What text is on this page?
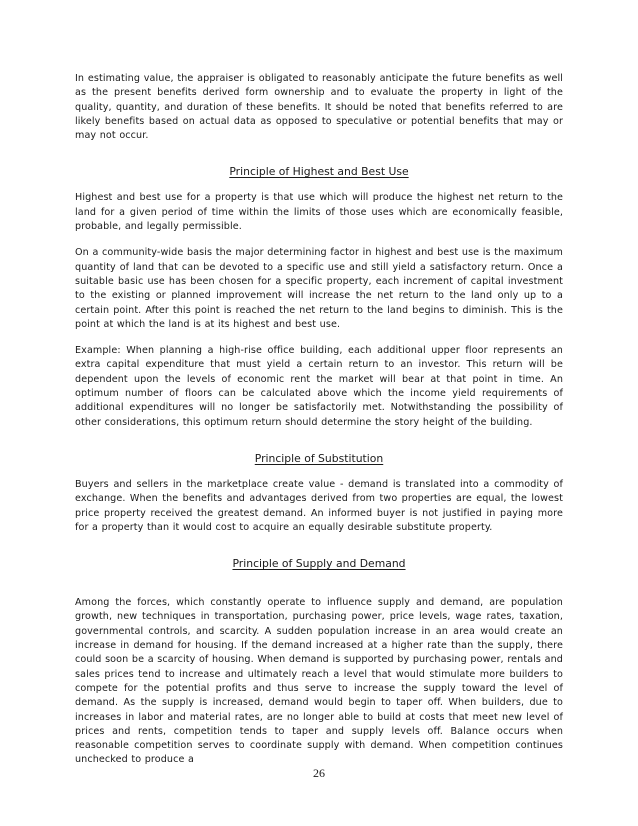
In estimating value, the appraiser is obligated to reasonably anticipate the future benefits as well as the present benefits derived form ownership and to evaluate the property in light of the quality, quantity, and duration of these benefits. It should be noted that benefits referred to are likely benefits based on actual data as opposed to speculative or potential benefits that may or may not occur.

Principle of Highest and Best Use

Highest and best use for a property is that use which will produce the highest net return to the land for a given period of time within the limits of those uses which are economically feasible, probable, and legally permissible.

On a community-wide basis the major determining factor in highest and best use is the maximum quantity of land that can be devoted to a specific use and still yield a satisfactory return. Once a suitable basic use has been chosen for a specific property, each increment of capital investment to the existing or planned improvement will increase the net return to the land only up to a certain point. After this point is reached the net return to the land begins to diminish. This is the point at which the land is at its highest and best use.

Example: When planning a high-rise office building, each additional upper floor represents an extra capital expenditure that must yield a certain return to an investor. This return will be dependent upon the levels of economic rent the market will bear at that point in time. An optimum number of floors can be calculated above which the income yield requirements of additional expenditures will no longer be satisfactorily met. Notwithstanding the possibility of other considerations, this optimum return should determine the story height of the building.

Principle of Substitution

Buyers and sellers in the marketplace create value - demand is translated into a commodity of exchange. When the benefits and advantages derived from two properties are equal, the lowest price property received the greatest demand. An informed buyer is not justified in paying more for a property than it would cost to acquire an equally desirable substitute property.

Principle of Supply and Demand

Among the forces, which constantly operate to influence supply and demand, are population growth, new techniques in transportation, purchasing power, price levels, wage rates, taxation, governmental controls, and scarcity. A sudden population increase in an area would create an increase in demand for housing. If the demand increased at a higher rate than the supply, there could soon be a scarcity of housing. When demand is supported by purchasing power, rentals and sales prices tend to increase and ultimately reach a level that would stimulate more builders to compete for the potential profits and thus serve to increase the supply toward the level of demand. As the supply is increased, demand would begin to taper off. When builders, due to increases in labor and material rates, are no longer able to build at costs that meet new level of prices and rents, competition tends to taper and supply levels off. Balance occurs when reasonable competition serves to coordinate supply with demand. When competition continues unchecked to produce a

26
